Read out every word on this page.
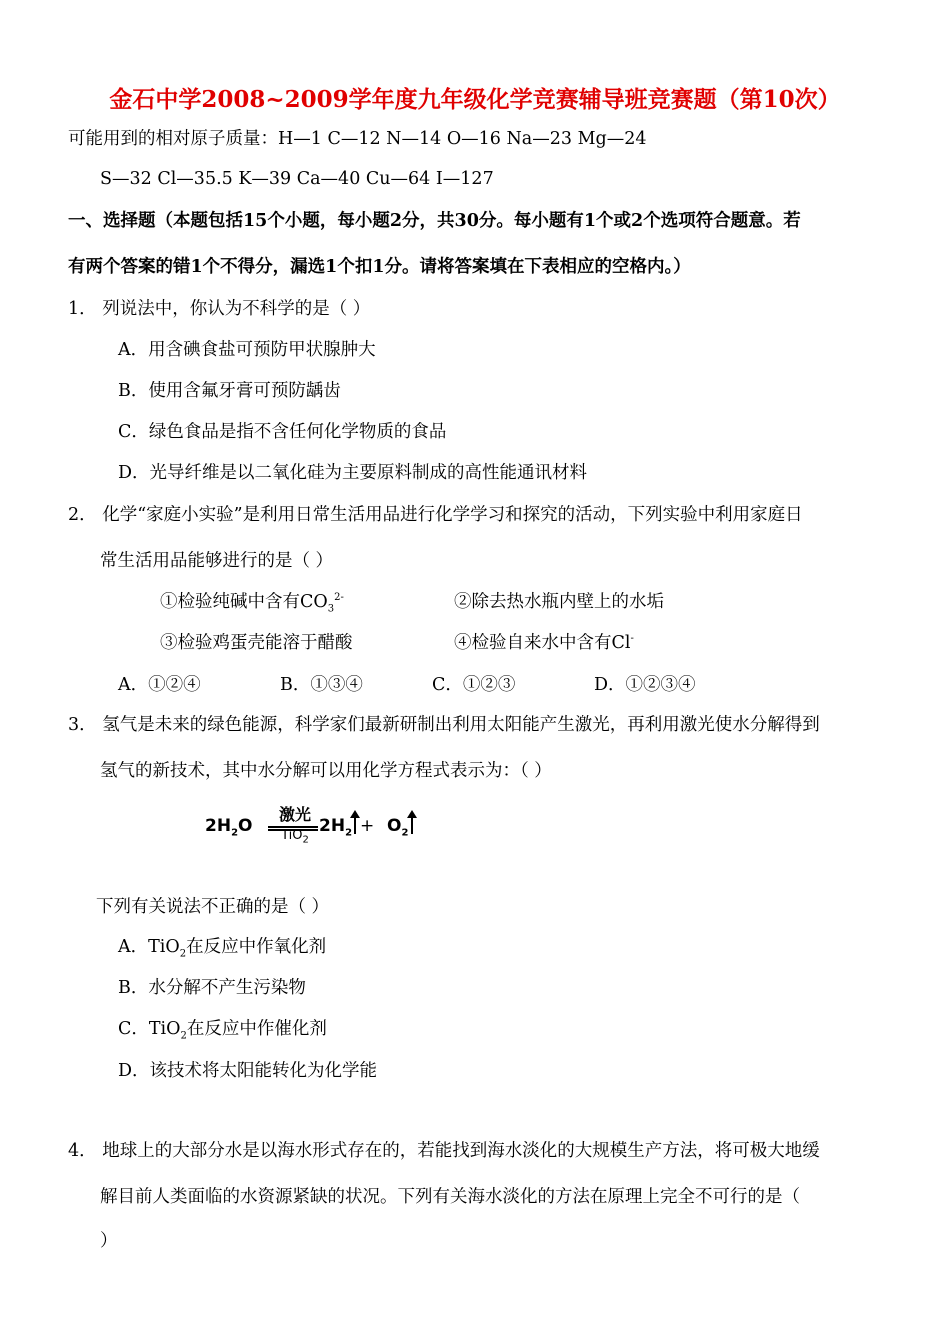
金石中学2008~2009学年度九年级化学竞赛辅导班竞赛题（第10次）
可能用到的相对原子质量：H—1 C—12 N—14 O—16 Na—23 Mg—24
S—32 Cl—35.5 K—39 Ca—40 Cu—64 I—127
一、选择题（本题包括15个小题，每小题2分，共30分。每小题有1个或2个选项符合题意。若
有两个答案的错1个不得分，漏选1个扣1分。请将答案填在下表相应的空格内。）
1． 列说法中，你认为不科学的是（ ）
A．用含碘食盐可预防甲状腺肿大
B．使用含氟牙膏可预防龋齿
C．绿色食品是指不含任何化学物质的食品
D．光导纤维是以二氧化硅为主要原料制成的高性能通讯材料
2． 化学“家庭小实验”是利用日常生活用品进行化学学习和探究的活动，下列实验中利用家庭日
常生活用品能够进行的是（ ）
①检验纯碱中含有$CO_3^{2-}$	②除去热水瓶内壁上的水垢
③检验鸡蛋壳能溶于醋酸	④检验自来水中含有Cl-
A．①②④	B．①③④	C．①②③	D．①②③④
3． 氢气是未来的绿色能源，科学家们最新研制出利用太阳能产生激光，再利用激光使水分解得到
氢气的新技术，其中水分解可以用化学方程式表示为：（ ）
$2H_2O$
激光
TiO$_2$
$2H_2 + O_2$
下列有关说法不正确的是（ ）
A．TiO$_2$在反应中作氧化剂
B．水分解不产生污染物
C．TiO$_2$在反应中作催化剂
D．该技术将太阳能转化为化学能
4． 地球上的大部分水是以海水形式存在的，若能找到海水淡化的大规模生产方法，将可极大地缓
解目前人类面临的水资源紧缺的状况。下列有关海水淡化的方法在原理上完全不可行的是（
）
